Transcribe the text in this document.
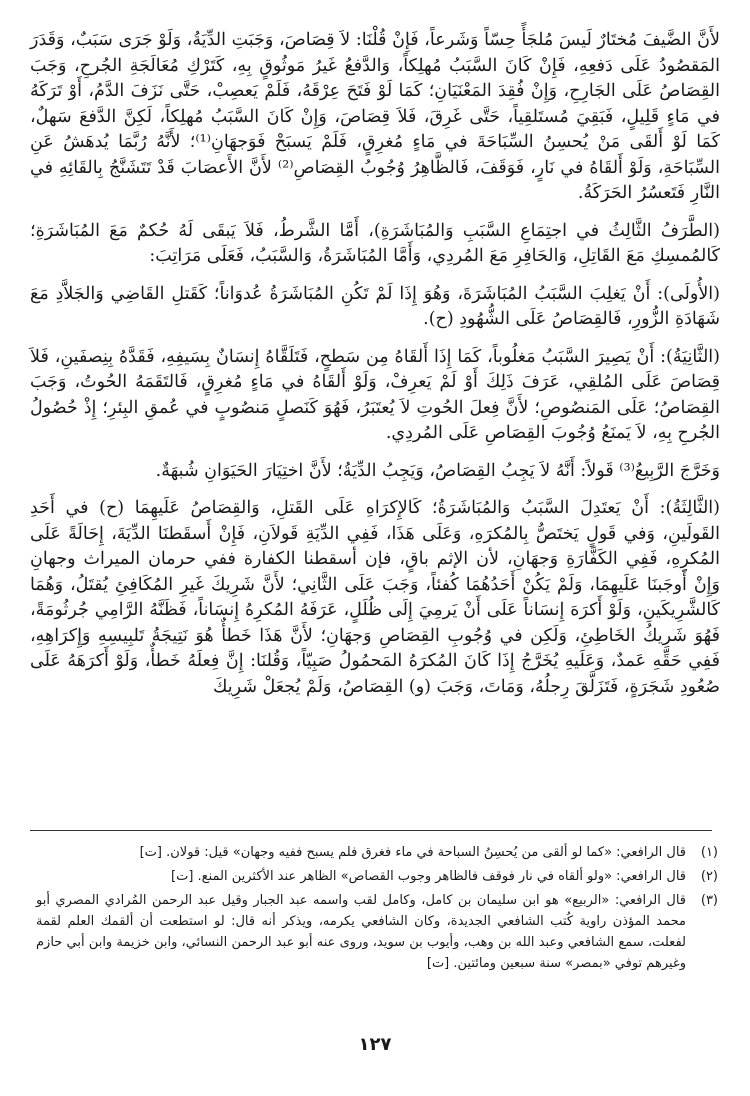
لأَنَّ الضَّيفَ مُختَارٌ لَيسَ مُلجَأً حِسّاً وَشَرعاً، فَإِنْ قُلْنَا: لاَ قِصَاصَ، وَجَبَتِ الدِّيَةُ، وَلَوْ جَرَى سَبَبٌ، وَقَدَرَ المَقصُودُ عَلَى دَفعِهِ، فَإِنْ كَانَ السَّبَبُ مُهلِكاً، وَالدَّفعُ غَيرُ مَوثُوقٍ بِهِ، كَتَرْكِ مُعَالَجَةِ الجُرحِ، وَجَبَ القِصَاصُ عَلَى الجَارِحِ، وَإِنْ فُقِدَ المَعْنَيَانِ؛ كَمَا لَوْ فَتَحَ عِرْقَهُ، فَلَمْ يَعصِبْ، حَتَّى نَزَفَ الدَّمُ، أَوْ تَرَكَهُ في مَاءٍ قَلِيلٍ، فَبَقِيَ مُستَلقِياً، حَتَّى غَرِقَ، فَلاَ قِصَاصَ، وَإِنْ كَانَ السَّبَبُ مُهلِكاً، لَكِنَّ الدَّفعَ سَهلٌ، كَمَا لَوْ أَلقَى مَنْ يُحسِنُ السِّبَاحَةَ في مَاءٍ مُغرِقٍ، فَلَمْ يَسبَحْ فَوَجهَانِ⁽¹⁾؛ لأَنَّهُ رُبَّمَا يُدهَشُ عَنِ السِّبَاحَةِ، وَلَوْ أَلقَاهُ في نَارٍ، فَوَقَفَ، فَالظَّاهِرُ وُجُوبُ القِصَاصِ⁽²⁾ لأَنَّ الأَعصَابَ قَدْ تَتَشَنَّجُ بِالقَائِهِ في النَّارِ فَتَعسُرُ الحَرَكَةُ.

(الطَّرَفُ الثَّالِثُ في اجتِمَاعِ السَّبَبِ وَالمُبَاشَرَةِ)، أَمَّا الشَّرطُ، فَلاَ يَبقَى لَهُ حُكمٌ مَعَ المُبَاشَرَةِ؛ كَالمُمسِكِ مَعَ القَاتِلِ، وَالحَافِرِ مَعَ المُردِي، وَأَمَّا المُبَاشَرَةُ، وَالسَّبَبُ، فَعَلَى مَرَاتِبَ:

(الأُولَى): أَنْ يَغلِبَ السَّبَبُ المُبَاشَرَةَ، وَهُوَ إِذَا لَمْ تَكُنِ المُبَاشَرَةُ عُدوَاناً؛ كَقَتلِ القَاضِي وَالجَلاَّدِ مَعَ شَهَادَةِ الزُّورِ، فَالقِصَاصُ عَلَى الشُّهُودِ (ح).

(الثَّانِيَةُ): أَنْ يَصِيرَ السَّبَبُ مَغلُوباً، كَمَا إِذَا أَلقَاهُ مِن سَطحٍ، فَتَلَقَّاهُ إِنسَانٌ بِسَيفِهِ، فَقَدَّهُ بِنِصفَينِ، فَلاَ قِصَاصَ عَلَى المُلقِي، عَرَفَ ذَلِكَ أَوْ لَمْ يَعرِفْ، وَلَوْ أَلقَاهُ في مَاءٍ مُغرِقٍ، فَالتَقَمَهُ الحُوتُ، وَجَبَ القِصَاصُ؛ عَلَى المَنصُوصِ؛ لأَنَّ فِعلَ الحُوتِ لاَ يُعتَبَرُ، فَهُوَ كَنَصلٍ مَنصُوبٍ في عُمقِ البِئرِ؛ إِذْ حُصُولُ الجُرحِ بِهِ، لاَ يَمنَعُ وُجُوبَ القِصَاصِ عَلَى المُردِي.

وَخَرَّجَ الرَّبِيعُ⁽³⁾ قَولاً: أَنَّهُ لاَ يَجِبُ القِصَاصُ، وَيَجِبُ الدِّيَةُ؛ لأَنَّ اختِيَارَ الحَيَوَانِ شُبهَةٌ.

(الثَّالِثَةُ): أَنْ يَعتَدِلَ السَّبَبُ وَالمُبَاشَرَةُ؛ كَالإِكرَاهِ عَلَى القَتلِ، وَالقِصَاصُ عَلَيهِمَا (ح) في أَحَدِ القَولَينِ، وَفي قَولٍ يَختَصُّ بِالمُكرَهِ، وَعَلَى هَذَا، فَفِي الدِّيَةِ قَولاَنِ، فَإِنْ أَسقَطنَا الدِّيَةَ، إِحَالَةً عَلَى المُكرِهِ، فَفِي الكَفَّارَةِ وَجهَانِ، لأن الإثم باقٍ، فإن أسقطنا الكفارة ففي حرمان الميراث وجهانِ وَإِنْ أَوجَبنَا عَلَيهِمَا، وَلَمْ يَكُنْ أَحَدُهُمَا كُفئاً، وَجَبَ عَلَى الثَّانِي؛ لأَنَّ شَرِيكَ غَيرِ المُكَافِئِ يُقتَلُ، وَهُمَا كَالشَّرِيكَينِ، وَلَوْ أَكرَهَ إِنسَاناً عَلَى أَنْ يَرمِيَ إِلَى ظُلَلٍ، عَرَفَهُ المُكرِهُ إِنسَاناً، فَظَنَّهُ الرَّامِي جُرثُومَةً، فَهُوَ شَرِيكُ الخَاطِئِ، وَلَكِن في وُجُوبِ القِصَاصِ وَجهَانِ؛ لأَنَّ هَذَا خَطأٌ هُوَ نَتِيجَةُ تَلبِيسِهِ وَإِكرَاهِهِ، فَفِي حَقِّهِ عَمدٌ، وَعَلَيهِ يُخَرَّجُ إِذَا كَانَ المُكرَهُ المَحمُولُ صَبِيّاً، وَقُلنَا: إِنَّ فِعلَهُ خَطأٌ، وَلَوْ أَكرَهَهُ عَلَى صُعُودِ شَجَرَةٍ، فَتَزَلَّقَ رِجلُهُ، وَمَاتَ، وَجَبَ (و) القِصَاصُ، وَلَمْ يُجعَلْ شَرِيكَ

(١)
قال الرافعي: «كما لو ألقى من يُحسِنُ السباحة في ماء فغرق فلم يسبح ففيه وجهان» قيل: قولان. [ت]
(٢)
قال الرافعي: «ولو ألقاه في نار فوقف فالظاهر وجوب القصاص» الظاهر عند الأكثرين المنع. [ت]
(٣)
قال الرافعي: «الربيع» هو ابن سليمان بن كامل، وكامل لقب واسمه عبد الجبار وقيل عبد الرحمن المُرادي المصري أبو محمد المؤذن راوية كُتب الشافعي الجديدة، وكان الشافعي يكرمه، ويذكر أنه قال: لو استطعت أن ألقمك العلم لقمة لفعلت، سمع الشافعي وعبد الله بن وهب، وأيوب بن سويد، وروى عنه أبو عبد الرحمن النسائي، وابن خزيمة وابن أبي حازم وغيرهم توفي «بمصر» سنة سبعين ومائتين. [ت]
١٢٧
